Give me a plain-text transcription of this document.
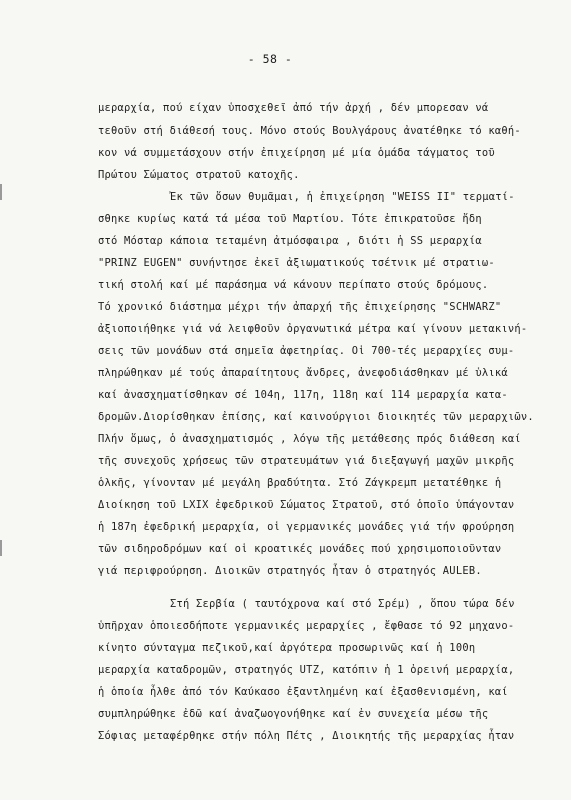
- 58 -
μεραρχία, πού είχαν ὑποσχεθεῖ ἀπό τήν ἀρχή , δέν μπορεσαν νά
τεθοῦν στή διάθεσή τους. Μόνο στούς Βουλγάρους ἀνατέθηκε τό καθή-
κον νά συμμετάσχουν στήν ἐπιχείρηση μέ μία ὁμάδα τάγματος τοῦ
Πρώτου Σώματος στρατοῦ κατοχῆς.
Ἐκ τῶν ὅσων θυμᾶμαι, ἡ ἐπιχείρηση "WEISS II" τερματί-
σθηκε κυρίως κατά τά μέσα τοῦ Μαρτίου. Τότε ἐπικρατοῦσε ἤδη
στό Μόσταρ κάποια τεταμένη ἀτμόσφαιρα , διότι ἡ SS μεραρχία
"PRINZ EUGEN" συνήντησε ἐκεῖ ἀξιωματικούς τσέτνικ μέ στρατιω-
τική στολή καί μέ παράσημα νά κάνουν περίπατο στούς δρόμους.
Τό χρονικό διάστημα μέχρι τήν ἀπαρχή τῆς ἐπιχείρησης "SCHWARZ"
ἀξιοποιήθηκε γιά νά λειφθοῦν ὀργανωτικά μέτρα καί γίνουν μετακινή-
σεις τῶν μονάδων στά σημεῖα ἀφετηρίας. Οἱ 700-τές μεραρχίες συμ-
πληρώθηκαν μέ τούς ἀπαραίτητους ἄνδρες, ἀνεφοδιάσθηκαν μέ ὑλικά
καί ἀνασχηματίσθηκαν σέ 104η, 117η, 118η καί 114 μεραρχία κατα-
δρομῶν.Διορίσθηκαν ἐπίσης, καί καινούργιοι διοικητές τῶν μεραρχιῶν.
Πλήν ὅμως, ὁ ἀνασχηματισμός , λόγω τῆς μετάθεσης πρός διάθεση καί
τῆς συνεχοῦς χρήσεως τῶν στρατευμάτων γιά διεξαγωγή μαχῶν μικρῆς
ὁλκῆς, γίνονταν μέ μεγάλη βραδύτητα. Στό Ζάγκρεμπ μετατέθηκε ἡ
Διοίκηση τοῦ LXIX ἐφεδρικοῦ Σώματος Στρατοῦ, στό ὁποῖο ὑπάγονταν
ἡ 187η ἐφεδρική μεραρχία, οἱ γερμανικές μονάδες γιά τήν φρούρηση
τῶν σιδηροδρόμων καί οἱ κροατικές μονάδες πού χρησιμοποιοῦνταν
γιά περιφρούρηση. Διοικῶν στρατηγός ἦταν ὁ στρατηγός AULEB.
Στή Σερβία ( ταυτόχρονα καί στό Σρέμ) , ὅπου τώρα δέν
ὑπῆρχαν ὁποιεσδήποτε γερμανικές μεραρχίες , ἔφθασε τό 92 μηχανο-
κίνητο σύνταγμα πεζικοῦ,καί ἀργότερα προσωρινῶς καί ἡ 100η
μεραρχία καταδρομῶν, στρατηγός UTZ, κατόπιν ἡ 1 ὀρεινή μεραρχία,
ἡ ὁποία ἦλθε ἀπό τόν Καύκασο ἐξαντλημένη καί ἐξασθενισμένη, καί
συμπληρώθηκε ἐδῶ καί ἀναζωογονήθηκε καί ἐν συνεχεία μέσω τῆς
Σόφιας μεταφέρθηκε στήν πόλη Πέτς , Διοικητής τῆς μεραρχίας ἦταν
